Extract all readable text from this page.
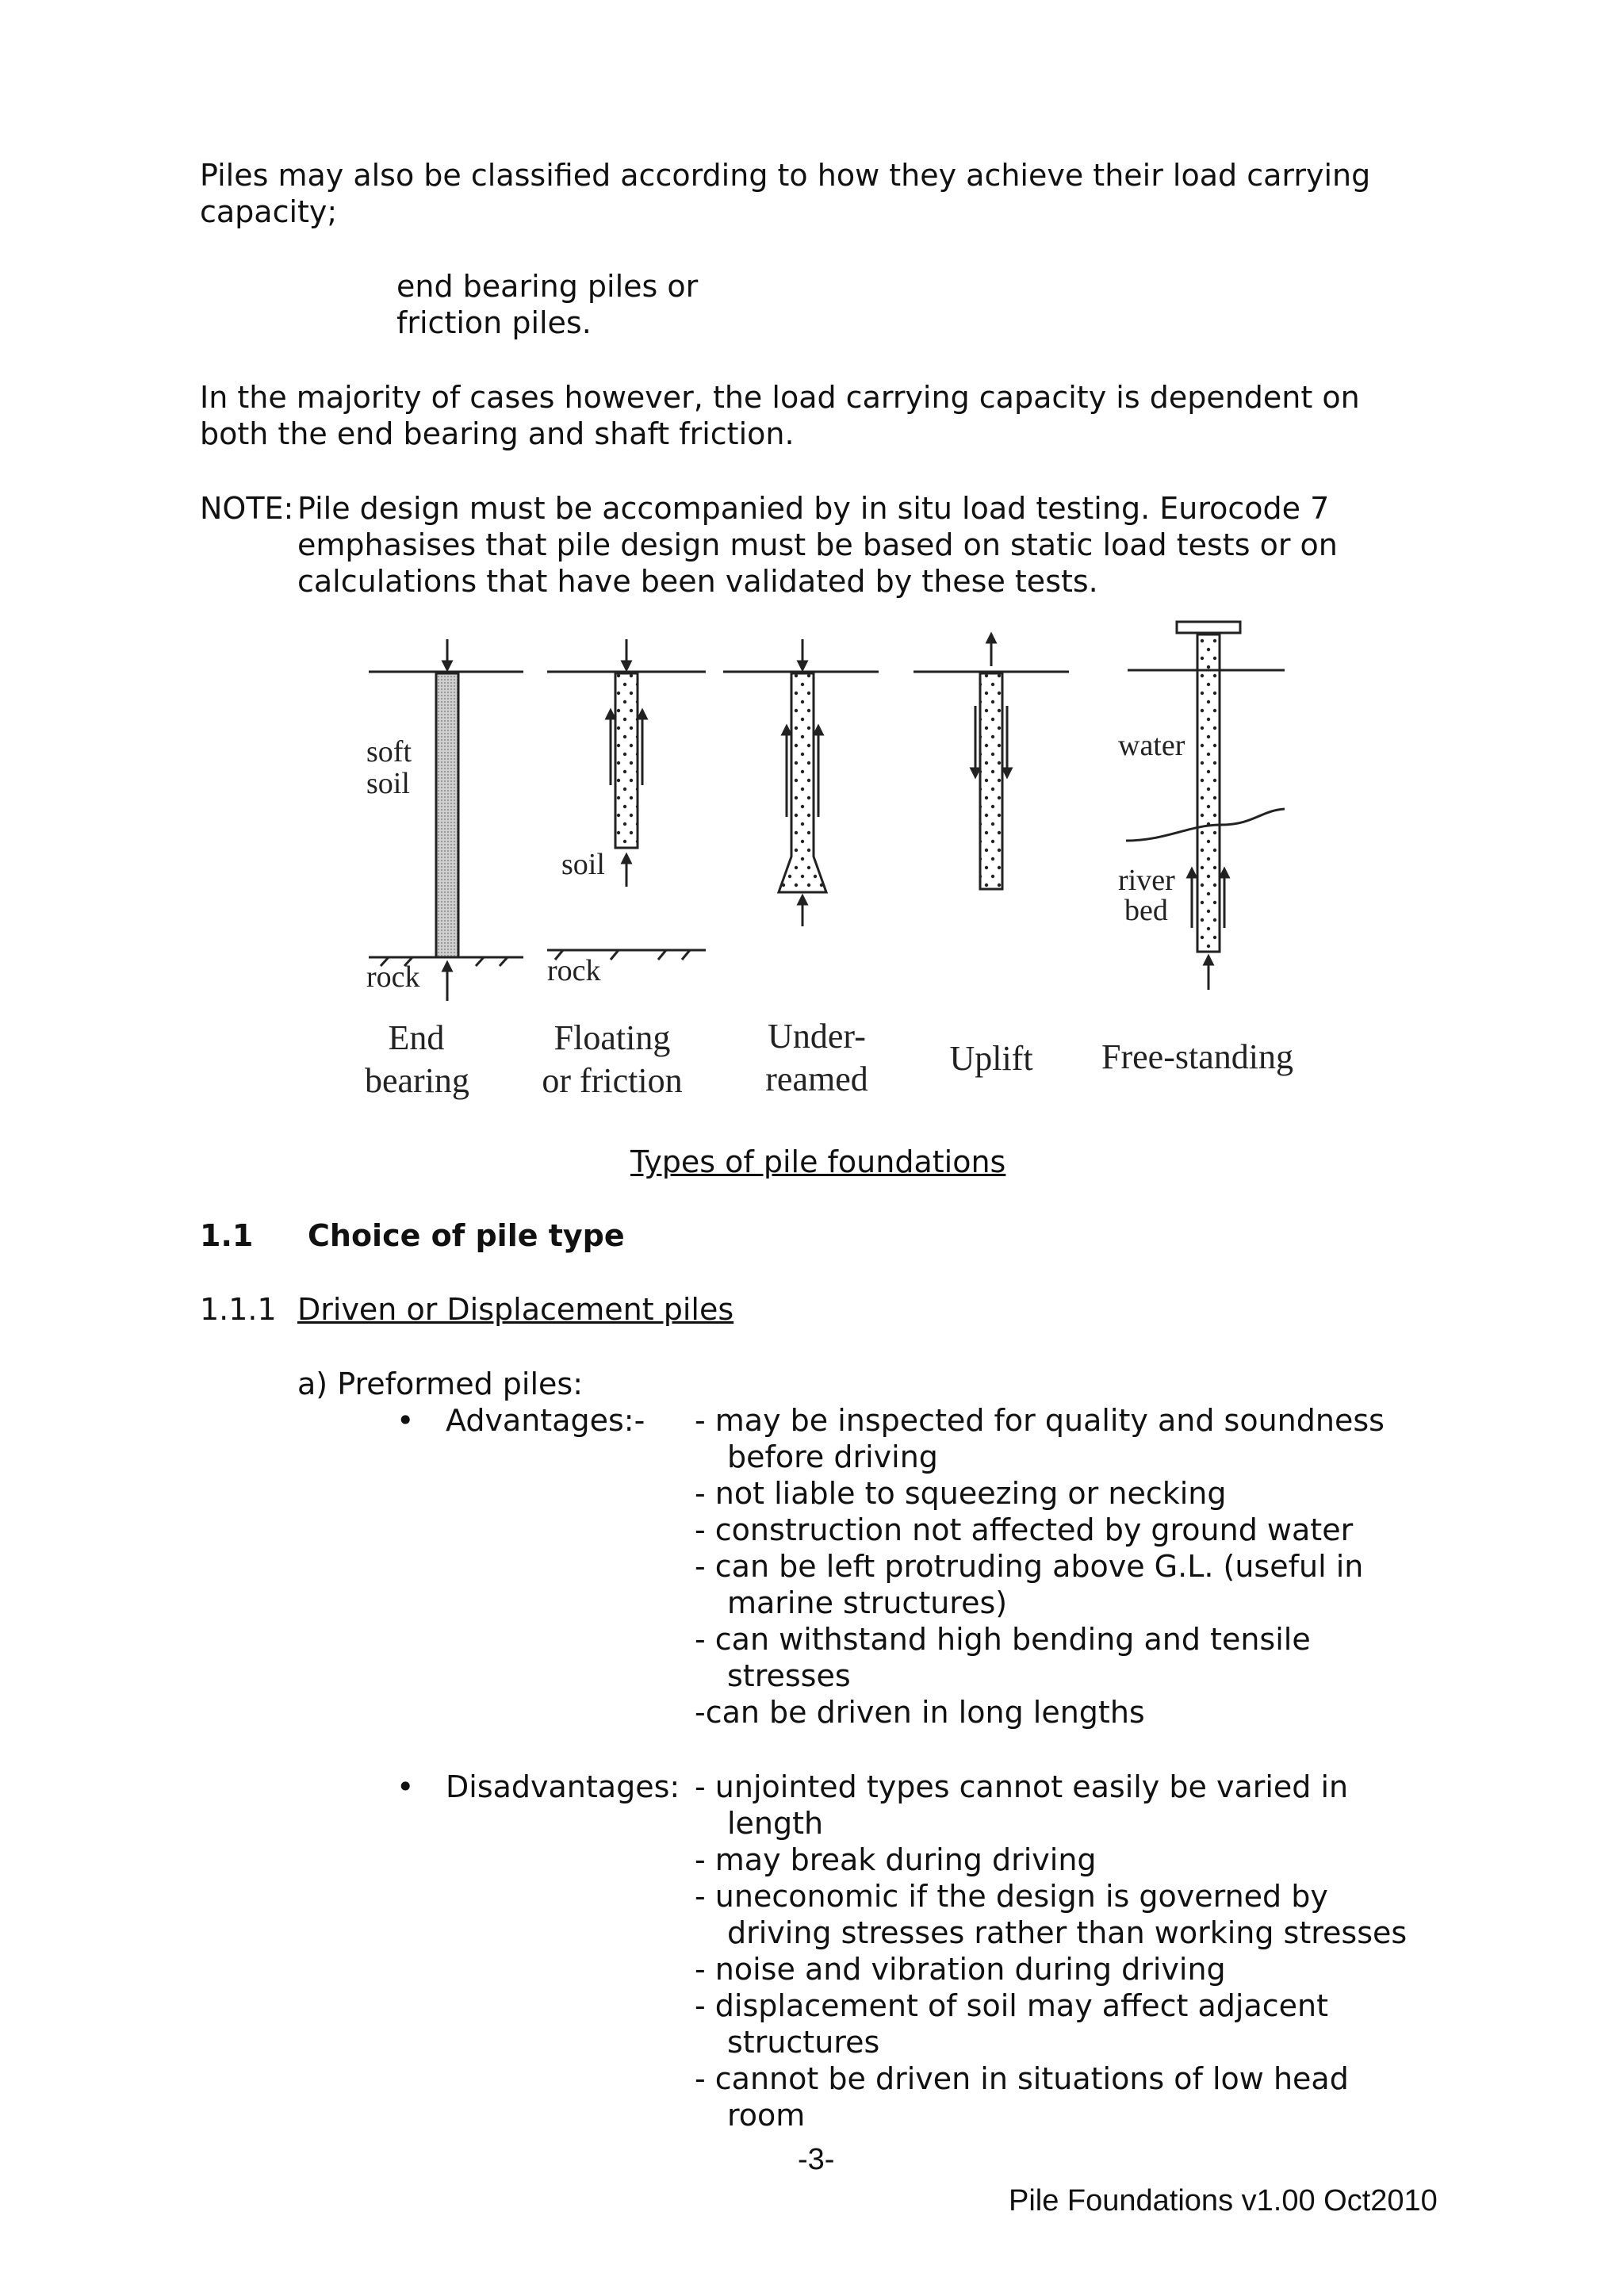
Piles may also be classified according to how they achieve their load carrying
capacity;
end bearing piles or
friction piles.
In the majority of cases however, the load carrying capacity is dependent on
both the end bearing and shaft friction.
NOTE: Pile design must be accompanied by in situ load testing. Eurocode 7
emphasises that pile design must be based on static load tests or on
calculations that have been validated by these tests.
soft
soil
rock
soil
rock
water
river
bed
End
bearing
Floating
or friction
Under-
reamed
Uplift	Free-standing
Types of pile foundations
1.1 Choice of pile type
1.1.1 Driven or Displacement piles
a) Preformed piles:
• Advantages:- - may be inspected for quality and soundness
before driving
- not liable to squeezing or necking
- construction not affected by ground water
- can be left protruding above G.L. (useful in
marine structures)
- can withstand high bending and tensile
stresses
-can be driven in long lengths
• Disadvantages: - unjointed types cannot easily be varied in
length
- may break during driving
- uneconomic if the design is governed by
driving stresses rather than working stresses
- noise and vibration during driving
- displacement of soil may affect adjacent
structures
- cannot be driven in situations of low head
room
-3-
Pile Foundations v1.00 Oct2010
